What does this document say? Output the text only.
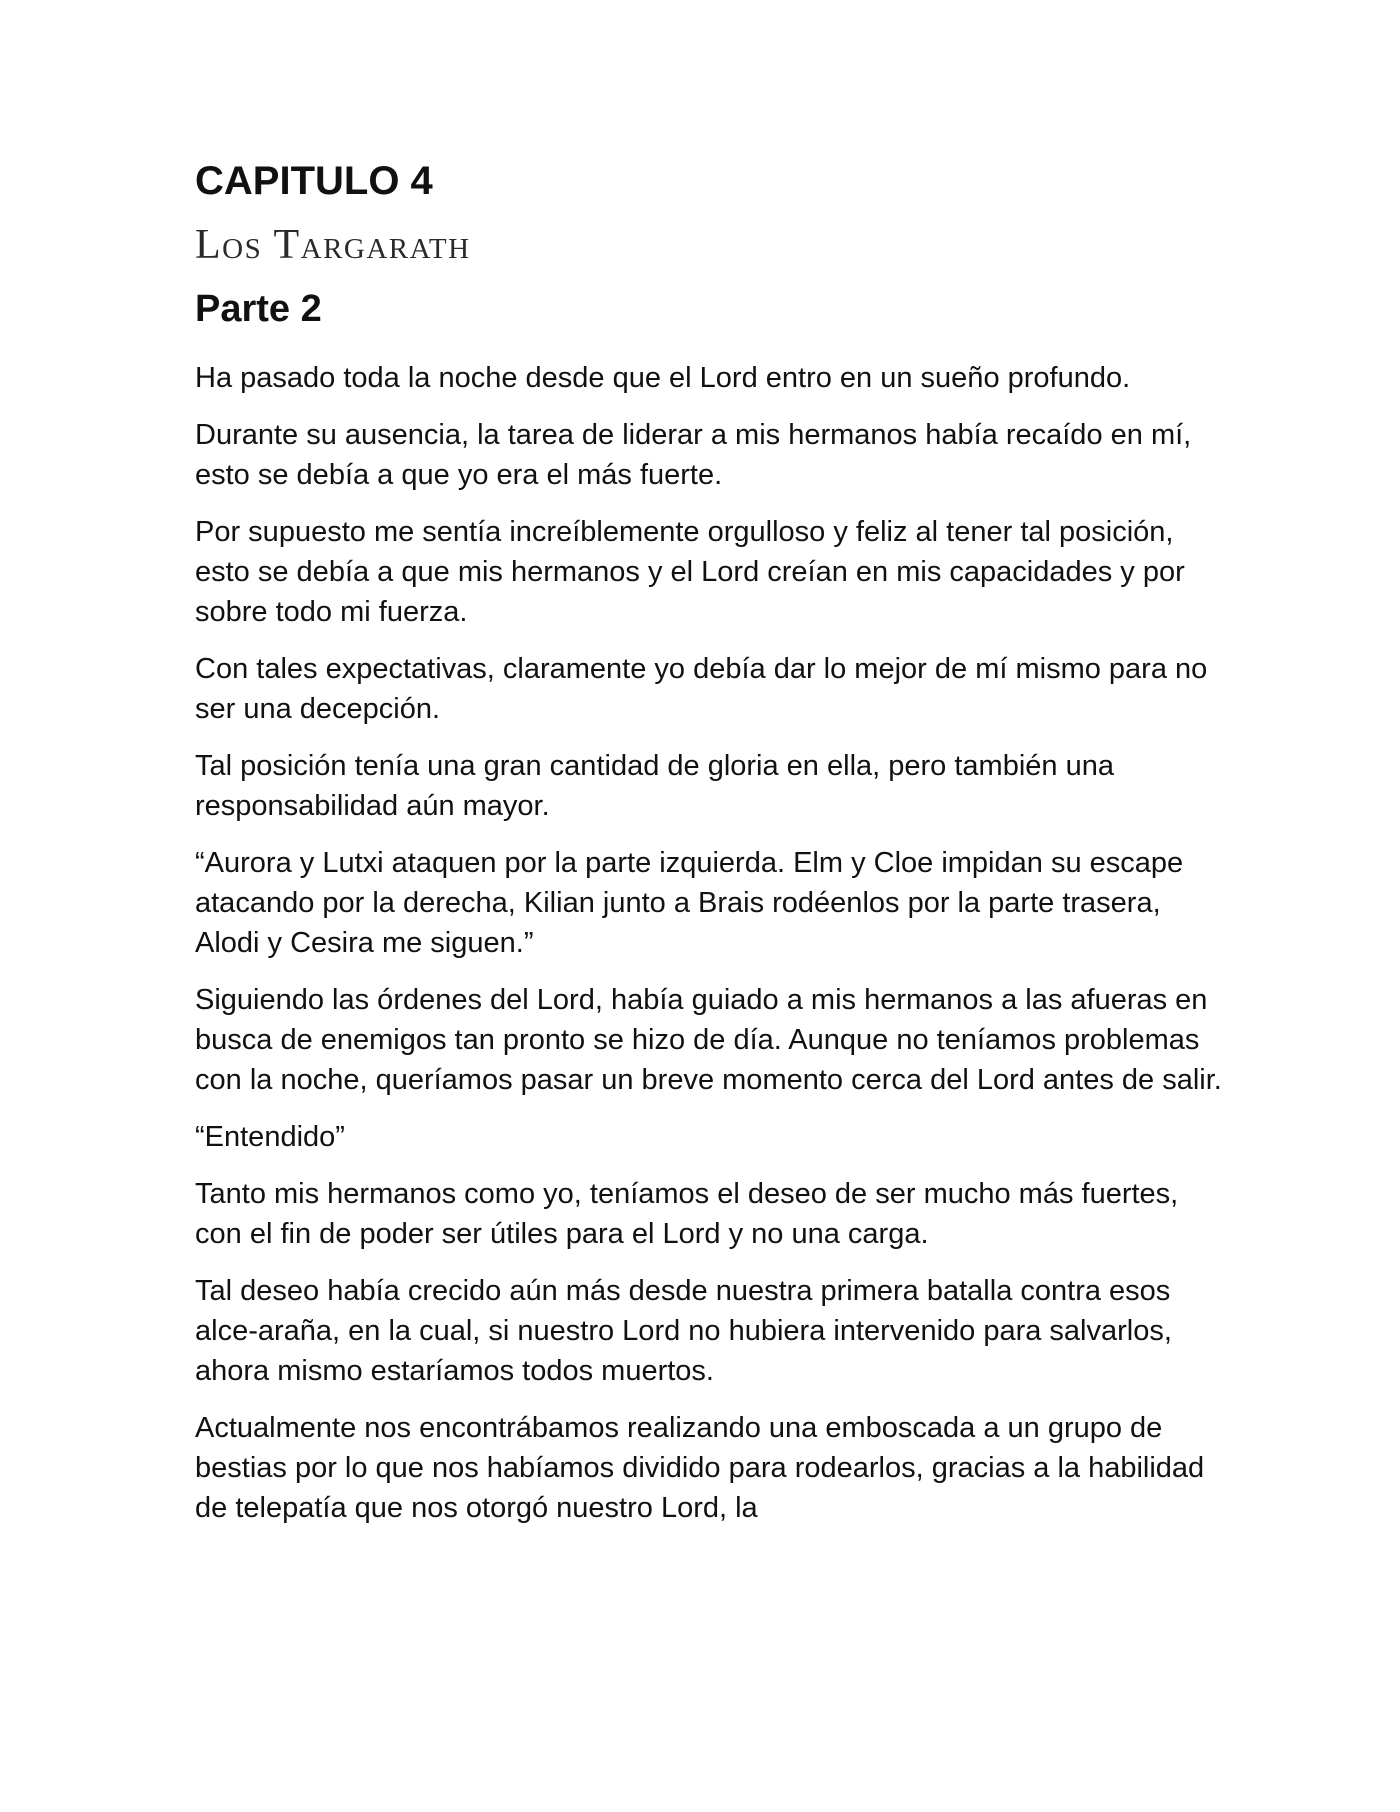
CAPITULO 4
Los Targarath
Parte 2

Ha pasado toda la noche desde que el Lord entro en un sueño profundo.

Durante su ausencia, la tarea de liderar a mis hermanos había recaído en mí, esto se debía a que yo era el más fuerte.

Por supuesto me sentía increíblemente orgulloso y feliz al tener tal posición, esto se debía a que mis hermanos y el Lord creían en mis capacidades y por sobre todo mi fuerza.

Con tales expectativas, claramente yo debía dar lo mejor de mí mismo para no ser una decepción.

Tal posición tenía una gran cantidad de gloria en ella, pero también una responsabilidad aún mayor.

“Aurora y Lutxi ataquen por la parte izquierda. Elm y Cloe impidan su escape atacando por la derecha, Kilian junto a Brais rodéenlos por la parte trasera, Alodi y Cesira me siguen.”

Siguiendo las órdenes del Lord, había guiado a mis hermanos a las afueras en busca de enemigos tan pronto se hizo de día. Aunque no teníamos problemas con la noche, queríamos pasar un breve momento cerca del Lord antes de salir.

“Entendido”

Tanto mis hermanos como yo, teníamos el deseo de ser mucho más fuertes, con el fin de poder ser útiles para el Lord y no una carga.

Tal deseo había crecido aún más desde nuestra primera batalla contra esos alce-araña, en la cual, si nuestro Lord no hubiera intervenido para salvarlos, ahora mismo estaríamos todos muertos.

Actualmente nos encontrábamos realizando una emboscada a un grupo de bestias por lo que nos habíamos dividido para rodearlos, gracias a la habilidad de telepatía que nos otorgó nuestro Lord, la
